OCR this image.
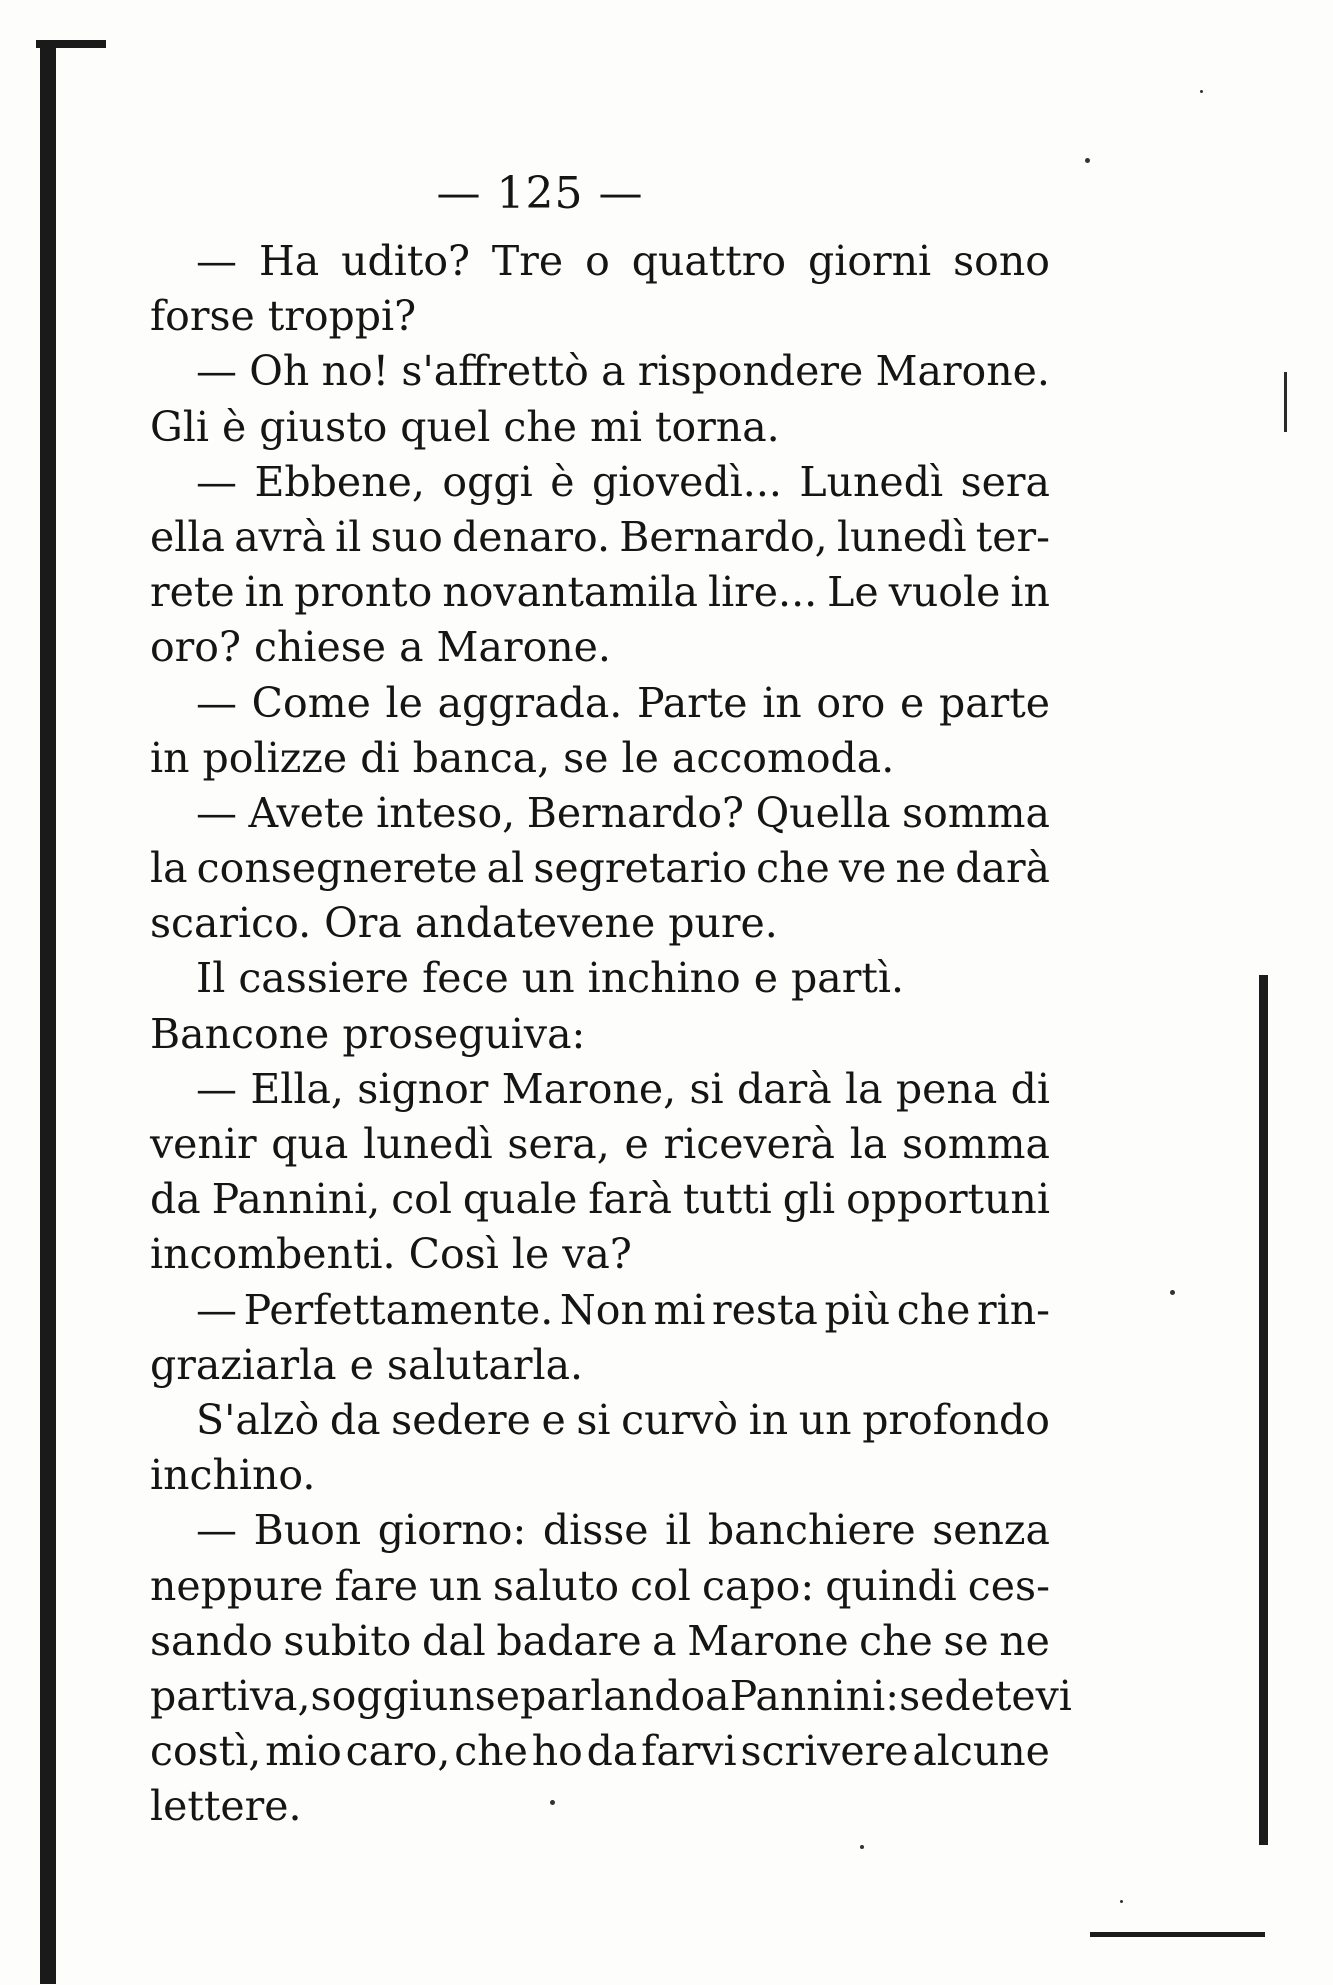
— 125 —
— Ha udito? Tre o quattro giorni sono
forse troppi?
— Oh no! s'affrettò a rispondere Marone.
Gli è giusto quel che mi torna.
— Ebbene, oggi è giovedì... Lunedì sera
ella avrà il suo denaro. Bernardo, lunedì ter-
rete in pronto novantamila lire... Le vuole in
oro? chiese a Marone.
— Come le aggrada. Parte in oro e parte
in polizze di banca, se le accomoda.
— Avete inteso, Bernardo? Quella somma
la consegnerete al segretario che ve ne darà
scarico. Ora andatevene pure.
Il cassiere fece un inchino e partì.
Bancone proseguiva:
— Ella, signor Marone, si darà la pena di
venir qua lunedì sera, e riceverà la somma
da Pannini, col quale farà tutti gli opportuni
incombenti. Così le va?
— Perfettamente. Non mi resta più che rin-
graziarla e salutarla.
S'alzò da sedere e si curvò in un profondo
inchino.
— Buon giorno: disse il banchiere senza
neppure fare un saluto col capo: quindi ces-
sando subito dal badare a Marone che se ne
partiva, soggiunse parlando a Pannini: sedetevi
costì, mio caro, che ho da farvi scrivere alcune
lettere.
